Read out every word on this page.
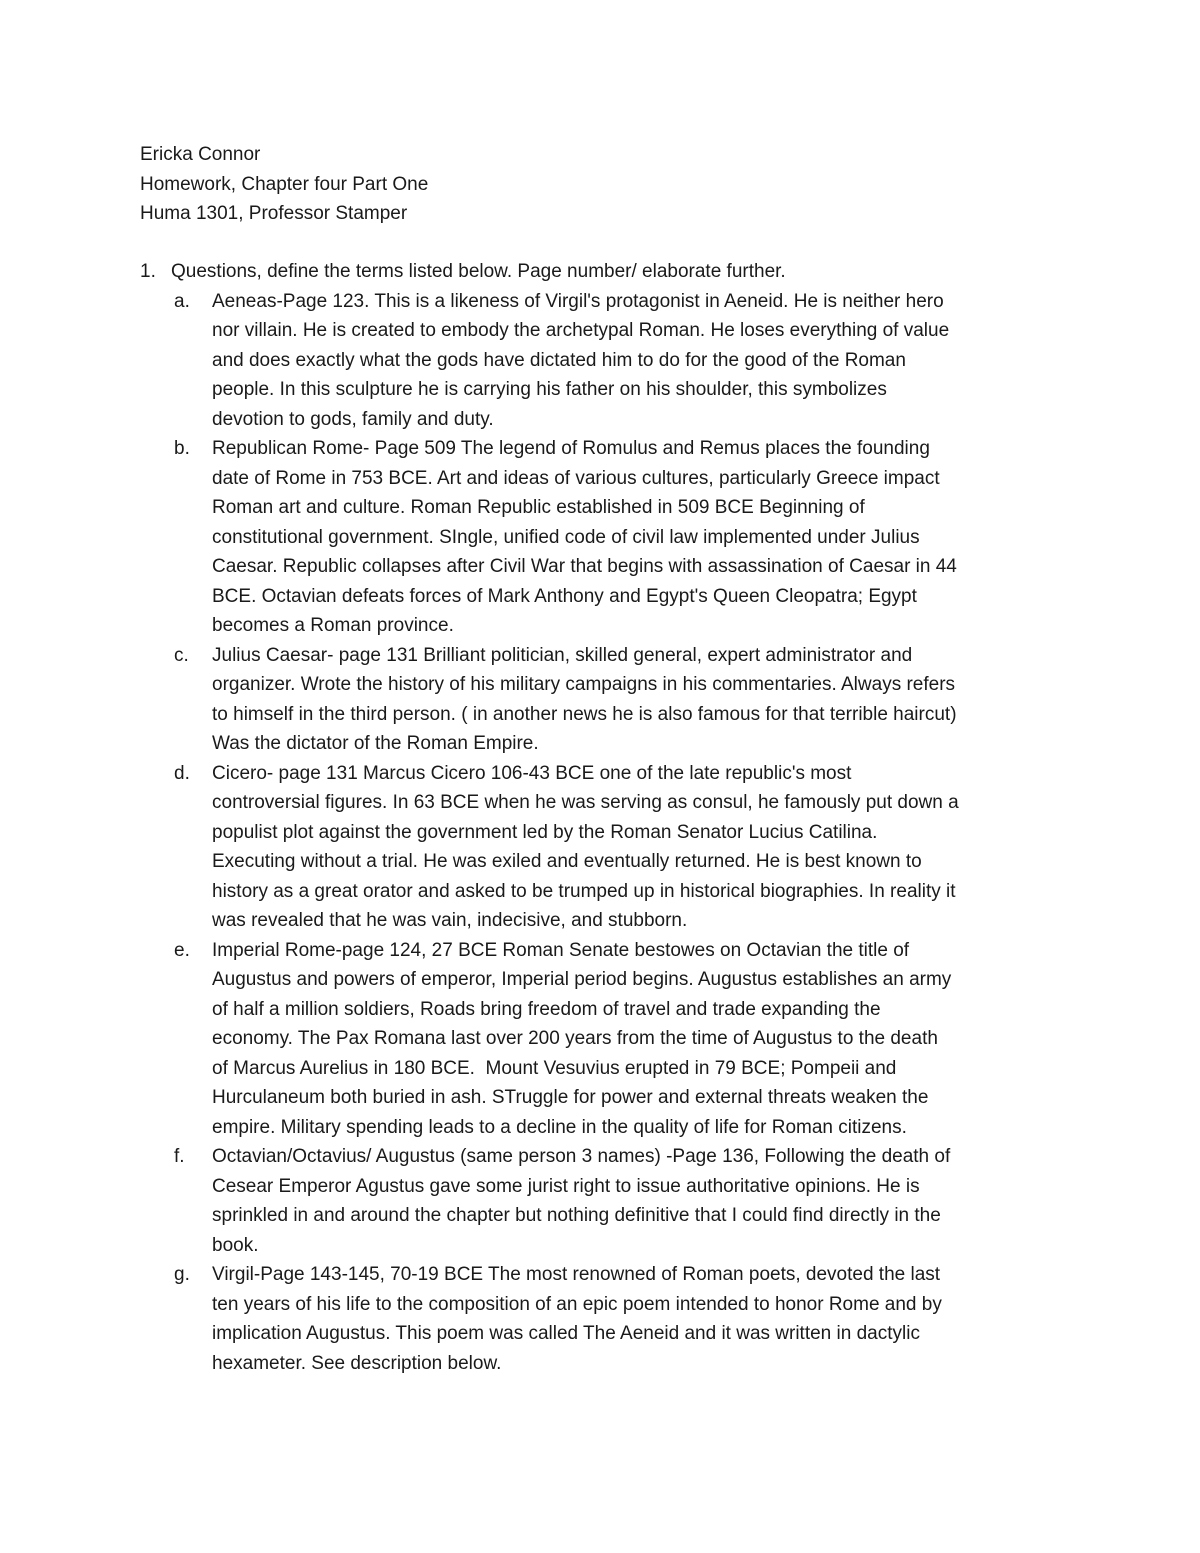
Ericka Connor
Homework, Chapter four Part One
Huma 1301, Professor Stamper
1. Questions, define the terms listed below. Page number/ elaborate further.
a. Aeneas-Page 123. This is a likeness of Virgil's protagonist in Aeneid. He is neither hero
nor villain. He is created to embody the archetypal Roman. He loses everything of value
and does exactly what the gods have dictated him to do for the good of the Roman
people. In this sculpture he is carrying his father on his shoulder, this symbolizes
devotion to gods, family and duty.
b. Republican Rome- Page 509 The legend of Romulus and Remus places the founding
date of Rome in 753 BCE. Art and ideas of various cultures, particularly Greece impact
Roman art and culture. Roman Republic established in 509 BCE Beginning of
constitutional government. SIngle, unified code of civil law implemented under Julius
Caesar. Republic collapses after Civil War that begins with assassination of Caesar in 44
BCE. Octavian defeats forces of Mark Anthony and Egypt's Queen Cleopatra; Egypt
becomes a Roman province.
c. Julius Caesar- page 131 Brilliant politician, skilled general, expert administrator and
organizer. Wrote the history of his military campaigns in his commentaries. Always refers
to himself in the third person. ( in another news he is also famous for that terrible haircut)
Was the dictator of the Roman Empire.
d. Cicero- page 131 Marcus Cicero 106-43 BCE one of the late republic's most
controversial figures. In 63 BCE when he was serving as consul, he famously put down a
populist plot against the government led by the Roman Senator Lucius Catilina.
Executing without a trial. He was exiled and eventually returned. He is best known to
history as a great orator and asked to be trumped up in historical biographies. In reality it
was revealed that he was vain, indecisive, and stubborn.
e. Imperial Rome-page 124, 27 BCE Roman Senate bestowes on Octavian the title of
Augustus and powers of emperor, Imperial period begins. Augustus establishes an army
of half a million soldiers, Roads bring freedom of travel and trade expanding the
economy. The Pax Romana last over 200 years from the time of Augustus to the death
of Marcus Aurelius in 180 BCE.  Mount Vesuvius erupted in 79 BCE; Pompeii and
Hurculaneum both buried in ash. STruggle for power and external threats weaken the
empire. Military spending leads to a decline in the quality of life for Roman citizens.
f. Octavian/Octavius/ Augustus (same person 3 names) -Page 136, Following the death of
Cesear Emperor Agustus gave some jurist right to issue authoritative opinions. He is
sprinkled in and around the chapter but nothing definitive that I could find directly in the
book.
g. Virgil-Page 143-145, 70-19 BCE The most renowned of Roman poets, devoted the last
ten years of his life to the composition of an epic poem intended to honor Rome and by
implication Augustus. This poem was called The Aeneid and it was written in dactylic
hexameter. See description below.
